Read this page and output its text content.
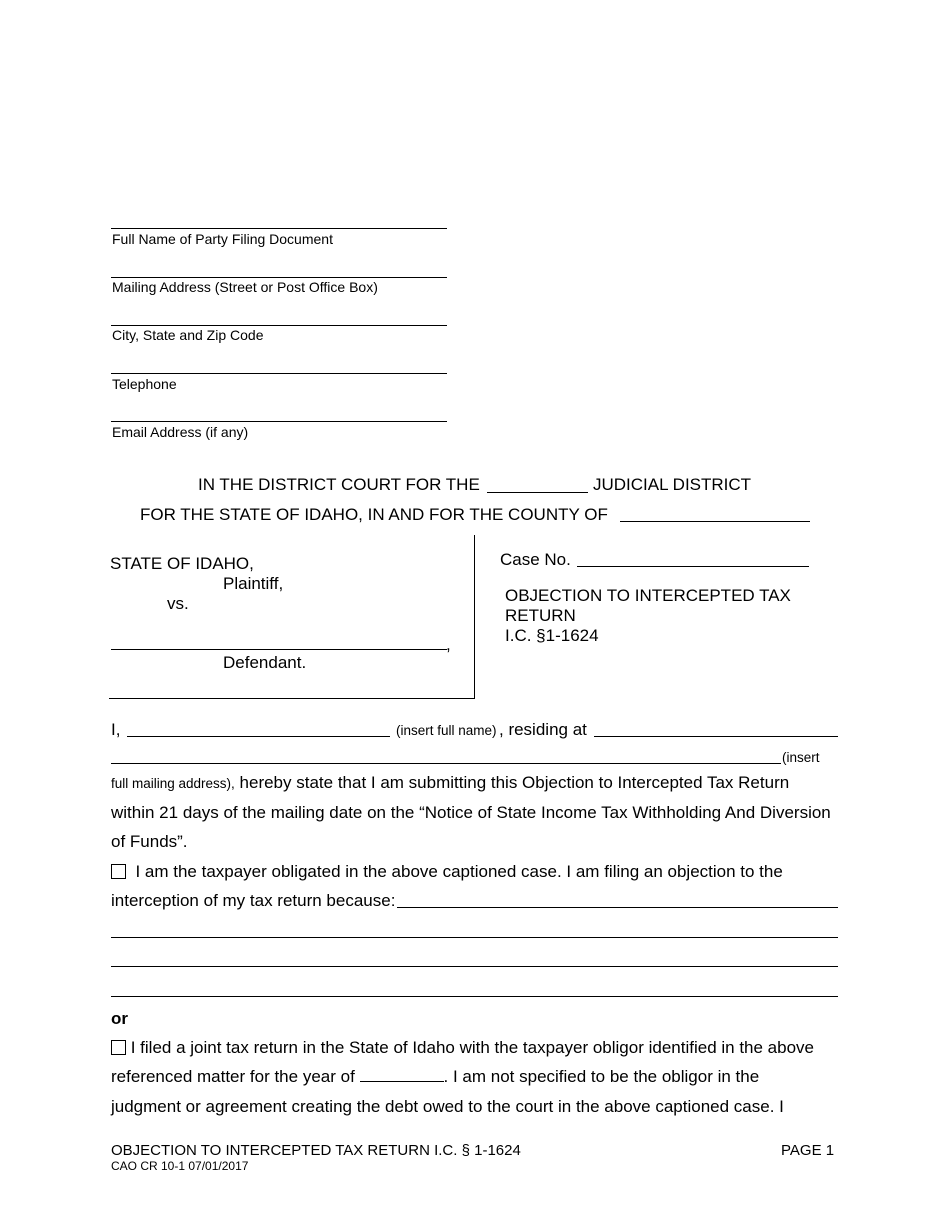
Full Name of Party Filing Document
Mailing Address (Street or Post Office Box)
City, State and Zip Code
Telephone
Email Address (if any)
IN THE DISTRICT COURT FOR THE	JUDICIAL DISTRICT
FOR THE STATE OF IDAHO, IN AND FOR THE COUNTY OF
STATE OF IDAHO,
Plaintiff,
vs.
,
Defendant.
Case No.
OBJECTION TO INTERCEPTED TAX
RETURN
I.C. §1-1624
I,	(insert full name) , residing at
(insert
full mailing address), hereby state that I am submitting this Objection to Intercepted Tax Return
within 21 days of the mailing date on the “Notice of State Income Tax Withholding And Diversion
of Funds”.
I am the taxpayer obligated in the above captioned case. I am filing an objection to the
interception of my tax return because:
or
I filed a joint tax return in the State of Idaho with the taxpayer obligor identified in the above
referenced matter for the year of	. I am not specified to be the obligor in the
judgment or agreement creating the debt owed to the court in the above captioned case. I
OBJECTION TO INTERCEPTED TAX RETURN I.C. § 1-1624	PAGE 1
CAO CR 10-1 07/01/2017
